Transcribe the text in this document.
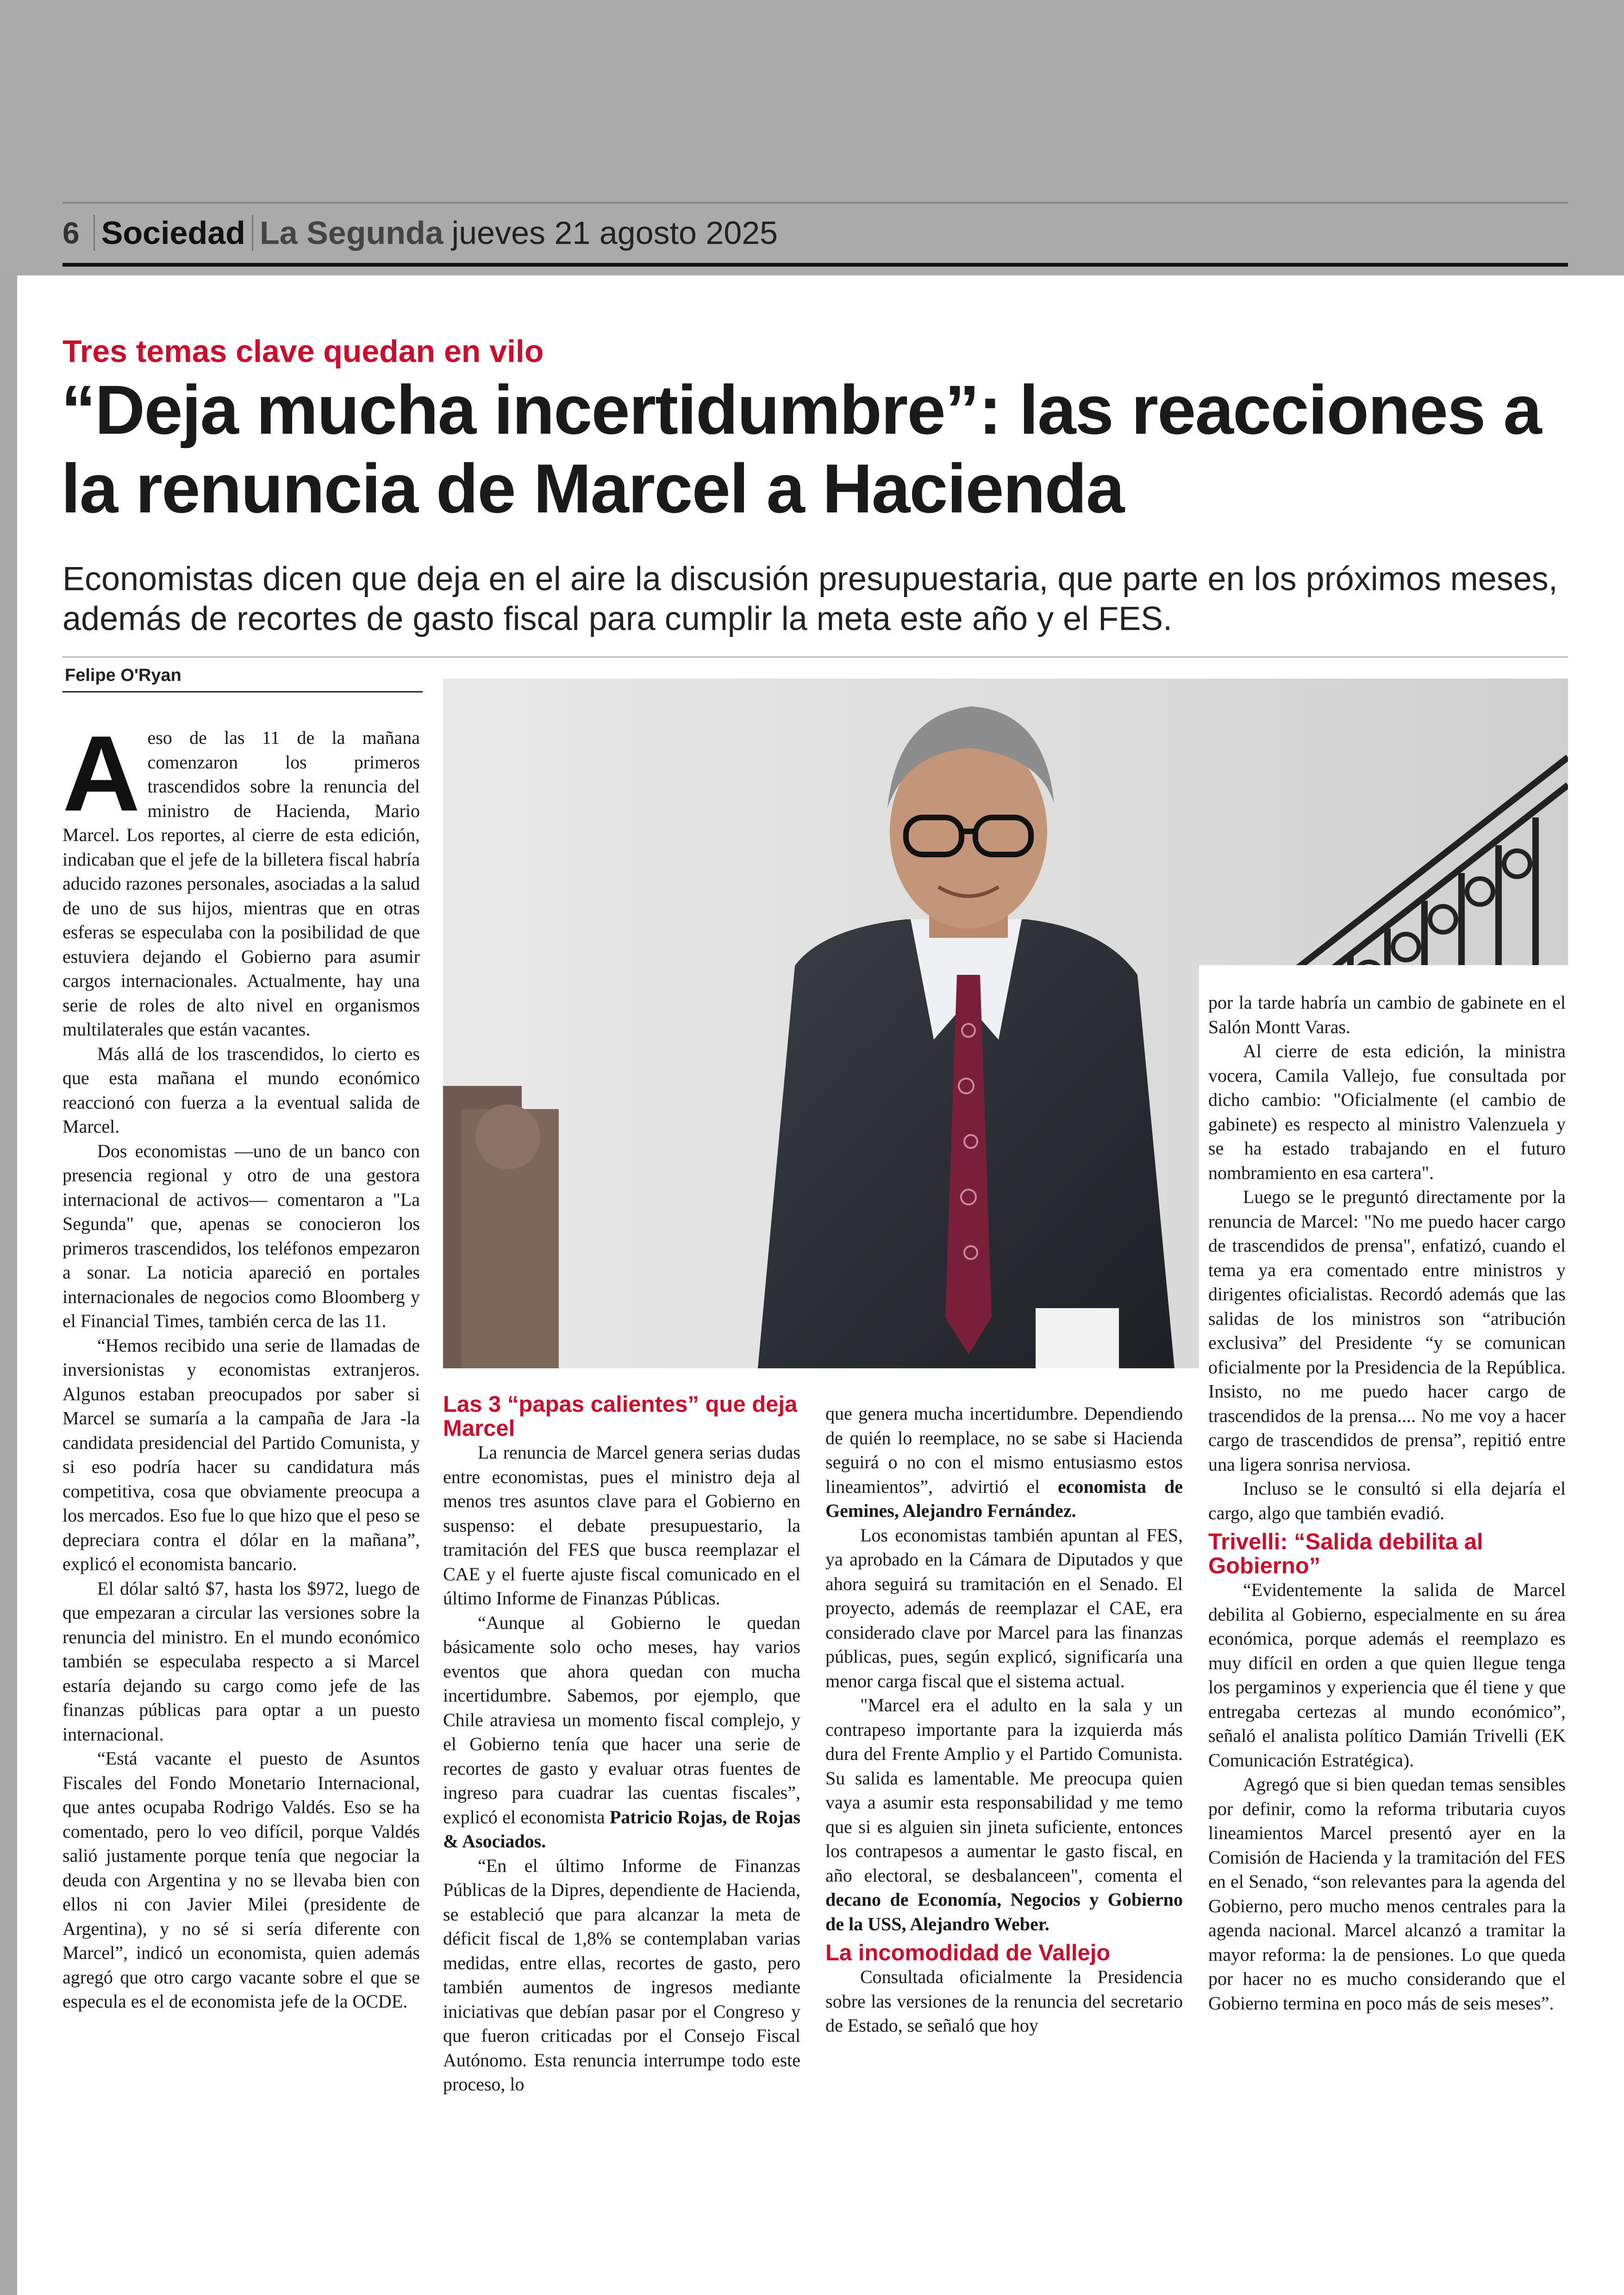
6 Sociedad La Segunda jueves 21 agosto 2025
Tres temas clave quedan en vilo
“Deja mucha incertidumbre”: las reacciones a la renuncia de Marcel a Hacienda
Economistas dicen que deja en el aire la discusión presupuestaria, que parte en los próximos meses, además de recortes de gasto fiscal para cumplir la meta este año y el FES.
Felipe O'Ryan
A eso de las 11 de la mañana comenzaron los primeros trascendidos sobre la renuncia del ministro de Hacienda, Mario Marcel. Los reportes, al cierre de esta edición, indicaban que el jefe de la billetera fiscal habría aducido razones personales, asociadas a la salud de uno de sus hijos, mientras que en otras esferas se especulaba con la posibilidad de que estuviera dejando el Gobierno para asumir cargos internacionales. Actualmente, hay una serie de roles de alto nivel en organismos multilaterales que están vacantes.

Más allá de los trascendidos, lo cierto es que esta mañana el mundo económico reaccionó con fuerza a la eventual salida de Marcel.

Dos economistas —uno de un banco con presencia regional y otro de una gestora internacional de activos— comentaron a "La Segunda" que, apenas se conocieron los primeros trascendidos, los teléfonos empezaron a sonar. La noticia apareció en portales internacionales de negocios como Bloomberg y el Financial Times, también cerca de las 11.

“Hemos recibido una serie de llamadas de inversionistas y economistas extranjeros. Algunos estaban preocupados por saber si Marcel se sumaría a la campaña de Jara -la candidata presidencial del Partido Comunista, y si eso podría hacer su candidatura más competitiva, cosa que obviamente preocupa a los mercados. Eso fue lo que hizo que el peso se depreciara contra el dólar en la mañana”, explicó el economista bancario.

El dólar saltó $7, hasta los $972, luego de que empezaran a circular las versiones sobre la renuncia del ministro. En el mundo económico también se especulaba respecto a si Marcel estaría dejando su cargo como jefe de las finanzas públicas para optar a un puesto internacional.

“Está vacante el puesto de Asuntos Fiscales del Fondo Monetario Internacional, que antes ocupaba Rodrigo Valdés. Eso se ha comentado, pero lo veo difícil, porque Valdés salió justamente porque tenía que negociar la deuda con Argentina y no se llevaba bien con ellos ni con Javier Milei (presidente de Argentina), y no sé si sería diferente con Marcel”, indicó un economista, quien además agregó que otro cargo vacante sobre el que se especula es el de economista jefe de la OCDE.

Las 3 “papas calientes” que deja Marcel

La renuncia de Marcel genera serias dudas entre economistas, pues el ministro deja al menos tres asuntos clave para el Gobierno en suspenso: el debate presupuestario, la tramitación del FES que busca reemplazar el CAE y el fuerte ajuste fiscal comunicado en el último Informe de Finanzas Públicas.

“Aunque al Gobierno le quedan básicamente solo ocho meses, hay varios eventos que ahora quedan con mucha incertidumbre. Sabemos, por ejemplo, que Chile atraviesa un momento fiscal complejo, y el Gobierno tenía que hacer una serie de recortes de gasto y evaluar otras fuentes de ingreso para cuadrar las cuentas fiscales”, explicó el economista Patricio Rojas, de Rojas & Asociados.

“En el último Informe de Finanzas Públicas de la Dipres, dependiente de Hacienda, se estableció que para alcanzar la meta de déficit fiscal de 1,8% se contemplaban varias medidas, entre ellas, recortes de gasto, pero también aumentos de ingresos mediante iniciativas que debían pasar por el Congreso y que fueron criticadas por el Consejo Fiscal Autónomo. Esta renuncia interrumpe todo este proceso, lo

que genera mucha incertidumbre. Dependiendo de quién lo reemplace, no se sabe si Hacienda seguirá o no con el mismo entusiasmo estos lineamientos”, advirtió el economista de Gemines, Alejandro Fernández.

Los economistas también apuntan al FES, ya aprobado en la Cámara de Diputados y que ahora seguirá su tramitación en el Senado. El proyecto, además de reemplazar el CAE, era considerado clave por Marcel para las finanzas públicas, pues, según explicó, significaría una menor carga fiscal que el sistema actual.

"Marcel era el adulto en la sala y un contrapeso importante para la izquierda más dura del Frente Amplio y el Partido Comunista. Su salida es lamentable. Me preocupa quien vaya a asumir esta responsabilidad y me temo que si es alguien sin jineta suficiente, entonces los contrapesos a aumentar le gasto fiscal, en año electoral, se desbalanceen", comenta el decano de Economía, Negocios y Gobierno de la USS, Alejandro Weber.

La incomodidad de Vallejo

Consultada oficialmente la Presidencia sobre las versiones de la renuncia del secretario de Estado, se señaló que hoy

por la tarde habría un cambio de gabinete en el Salón Montt Varas.

Al cierre de esta edición, la ministra vocera, Camila Vallejo, fue consultada por dicho cambio: "Oficialmente (el cambio de gabinete) es respecto al ministro Valenzuela y se ha estado trabajando en el futuro nombramiento en esa cartera".

Luego se le preguntó directamente por la renuncia de Marcel: "No me puedo hacer cargo de trascendidos de prensa", enfatizó, cuando el tema ya era comentado entre ministros y dirigentes oficialistas. Recordó además que las salidas de los ministros son “atribución exclusiva” del Presidente “y se comunican oficialmente por la Presidencia de la República. Insisto, no me puedo hacer cargo de trascendidos de la prensa.... No me voy a hacer cargo de trascendidos de prensa”, repitió entre una ligera sonrisa nerviosa.

Incluso se le consultó si ella dejaría el cargo, algo que también evadió.

Trivelli: “Salida debilita al Gobierno”

“Evidentemente la salida de Marcel debilita al Gobierno, especialmente en su área económica, porque además el reemplazo es muy difícil en orden a que quien llegue tenga los pergaminos y experiencia que él tiene y que entregaba certezas al mundo económico”, señaló el analista político Damián Trivelli (EK Comunicación Estratégica).

Agregó que si bien quedan temas sensibles por definir, como la reforma tributaria cuyos lineamientos Marcel presentó ayer en la Comisión de Hacienda y la tramitación del FES en el Senado, “son relevantes para la agenda del Gobierno, pero mucho menos centrales para la agenda nacional. Marcel alcanzó a tramitar la mayor reforma: la de pensiones. Lo que queda por hacer no es mucho considerando que el Gobierno termina en poco más de seis meses”.
